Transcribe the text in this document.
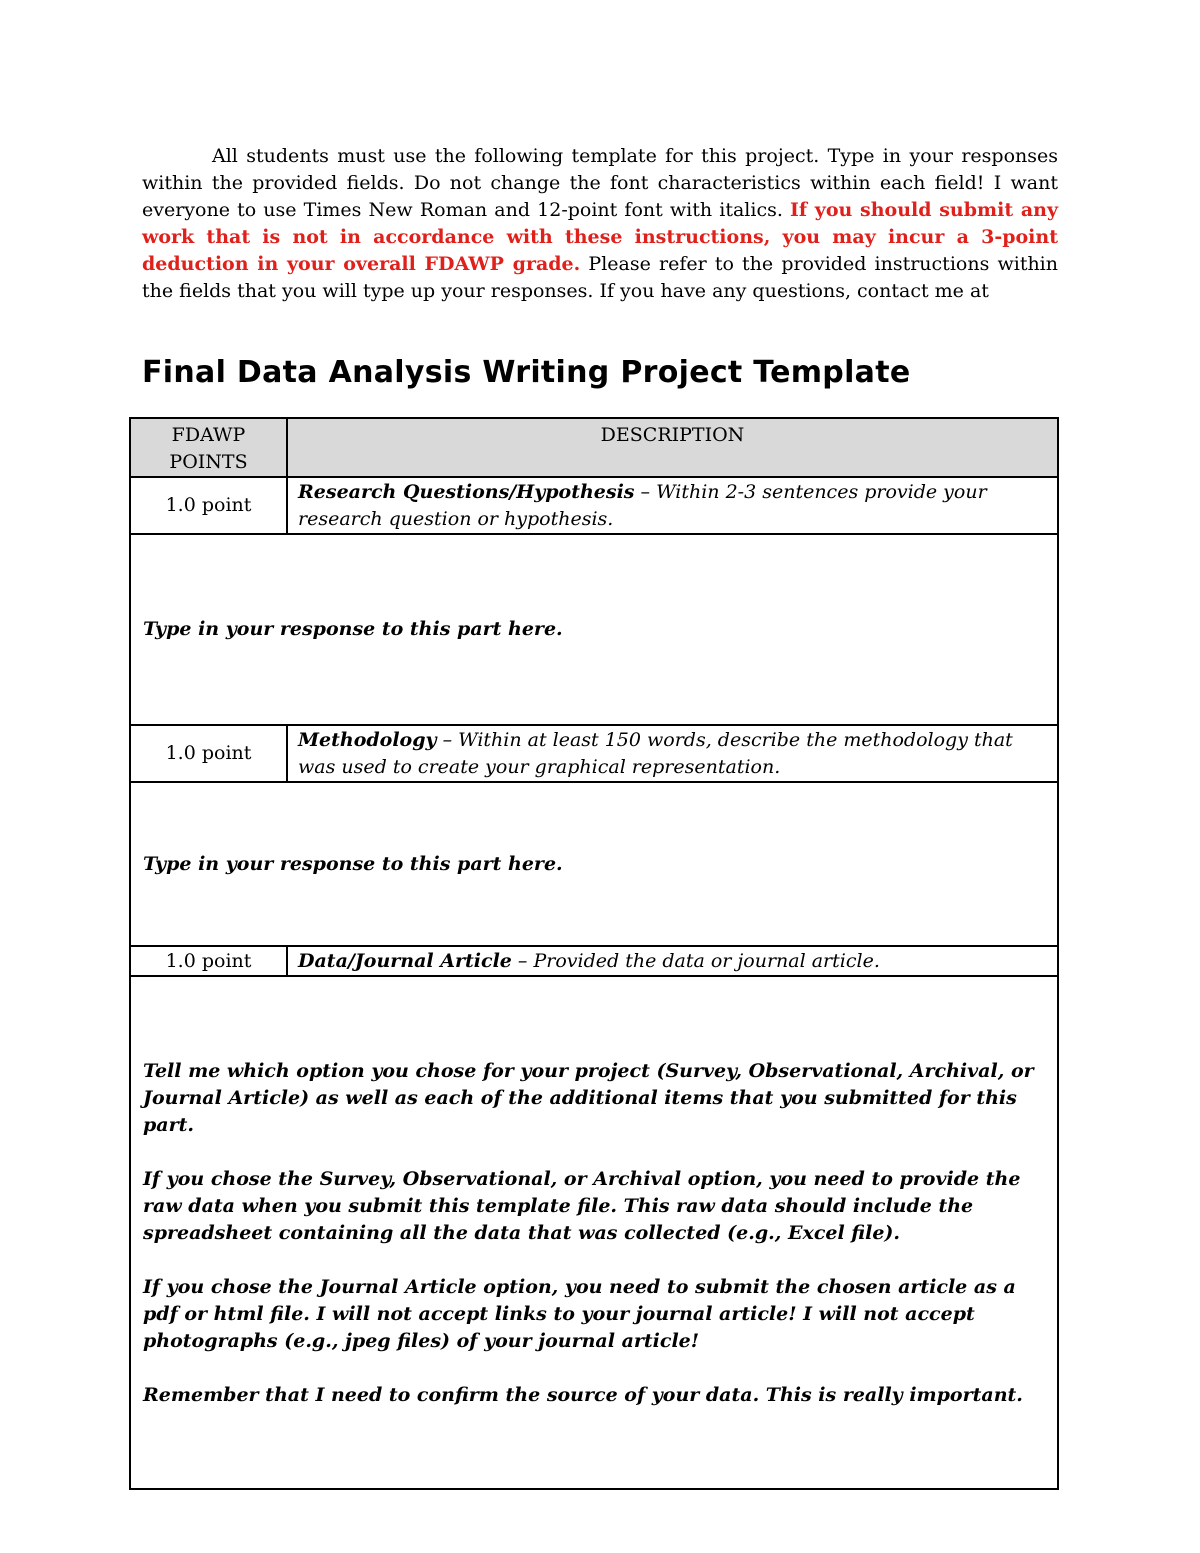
All students must use the following template for this project. Type in your responses within the provided fields. Do not change the font characteristics within each field! I want everyone to use Times New Roman and 12-point font with italics. If you should submit any work that is not in accordance with these instructions, you may incur a 3-point deduction in your overall FDAWP grade. Please refer to the provided instructions within the fields that you will type up your responses. If you have any questions, contact me at

Final Data Analysis Writing Project Template
FDAWP POINTS	DESCRIPTION
1.0 point	Research Questions/Hypothesis – Within 2-3 sentences provide your research question or hypothesis.

Type in your response to this part here.	

1.0 point	Methodology – Within at least 150 words, describe the methodology that was used to create your graphical representation.

Type in your response to this part here.	

1.0 point	Data/Journal Article – Provided the data or journal article.

Tell me which option you chose for your project (Survey, Observational, Archival, or Journal Article) as well as each of the additional items that you submitted for this part.

If you chose the Survey, Observational, or Archival option, you need to provide the raw data when you submit this template file. This raw data should include the spreadsheet containing all the data that was collected (e.g., Excel file).

If you chose the Journal Article option, you need to submit the chosen article as a pdf or html file. I will not accept links to your journal article! I will not accept photographs (e.g., jpeg files) of your journal article!

Remember that I need to confirm the source of your data. This is really important.	
